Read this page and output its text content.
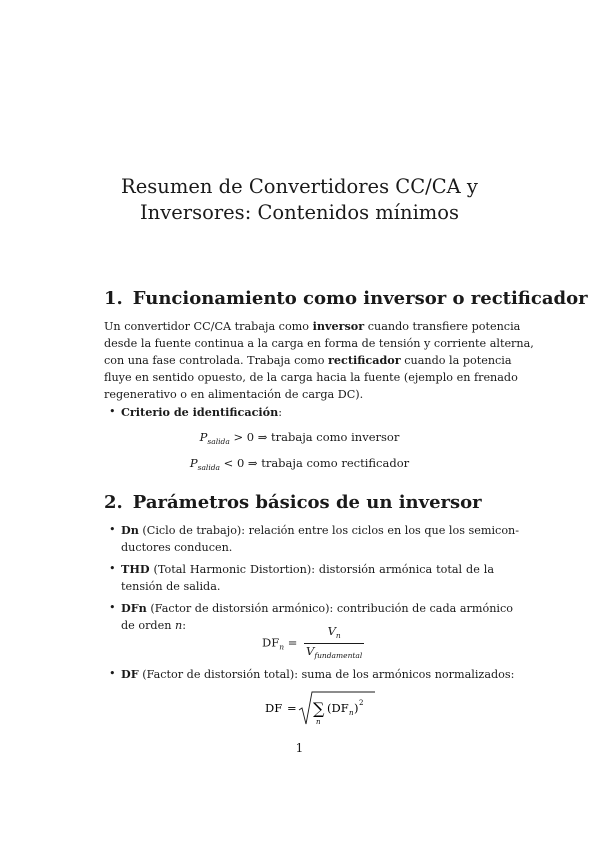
Resumen de Convertidores CC/CA y
Inversores: Contenidos mínimos
1. Funcionamiento como inversor o rectificador
Un convertidor CC/CA trabaja como inversor cuando transfiere potencia
desde la fuente continua a la carga en forma de tensión y corriente alterna,
con una fase controlada. Trabaja como rectificador cuando la potencia
fluye en sentido opuesto, de la carga hacia la fuente (ejemplo en frenado
regenerativo o en alimentación de carga DC).
• Criterio de identificación:
$P_{salida} > 0$ ⇒ trabaja como inversor
$P_{salida} < 0$ ⇒ trabaja como rectificador
2. Parámetros básicos de un inversor
• Dn (Ciclo de trabajo): relación entre los ciclos en los que los semicon-
ductores conducen.
• THD (Total Harmonic Distortion): distorsión armónica total de la
tensión de salida.
• DFn (Factor de distorsión armónico): contribución de cada armónico
de orden n:
$DF_n = \frac{V_n}{V_{fundamental}}$
• DF (Factor de distorsión total): suma de los armónicos normalizados:
DF = ∑
n
(DF n ) 2
1
